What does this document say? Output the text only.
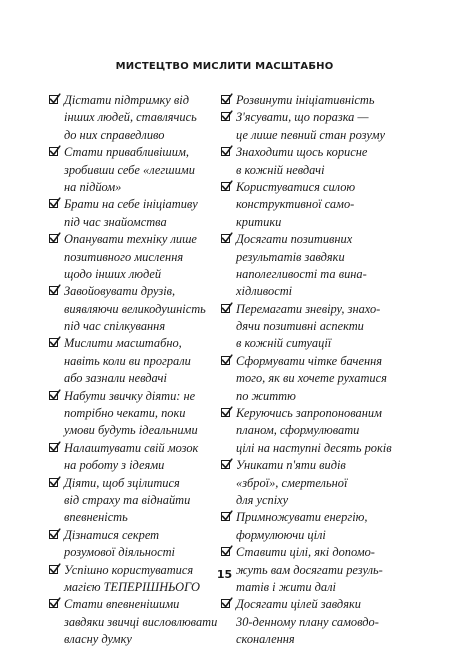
МИСТЕЦТВО МИСЛИТИ МАСШТАБНО
Дістати підтримку від
інших людей, ставлячись
до них справедливо
Стати привабливішим,
зробивши себе «легшими
на підйом»
Брати на себе ініціативу
під час знайомства
Опанувати техніку лише
позитивного мислення
щодо інших людей
Завойовувати друзів,
виявляючи великодушність
під час спілкування
Мислити масштабно,
навіть коли ви програли
або зазнали невдачі
Набути звичку діяти: не
потрібно чекати, поки
умови будуть ідеальними
Налаштувати свій мозок
на роботу з ідеями
Діяти, щоб зцілитися
від страху та віднайти
впевненість
Дізнатися секрет
розумової діяльності
Успішно користуватися
магією ТЕПЕРІШНЬОГО
Стати впевненішими
завдяки звичці висловлювати
власну думку
Розвинути ініціативність
З'ясувати, що поразка —
це лише певний стан розуму
Знаходити щось корисне
в кожній невдачі
Користуватися силою
конструктивної само-
критики
Досягати позитивних
результатів завдяки
наполегливості та вина-
хідливості
Перемагати зневіру, знахо-
дячи позитивні аспекти
в кожній ситуації
Сформувати чітке бачення
того, як ви хочете рухатися
по життю
Керуючись запропонованим
планом, сформулювати
цілі на наступні десять років
Уникати п'яти видів
«зброї», смертельної
для успіху
Примножувати енергію,
формулюючи цілі
Ставити цілі, які допомо-
жуть вам досягати резуль-
татів і жити далі
Досягати цілей завдяки
30-денному плану самовдо-
сконалення
15
